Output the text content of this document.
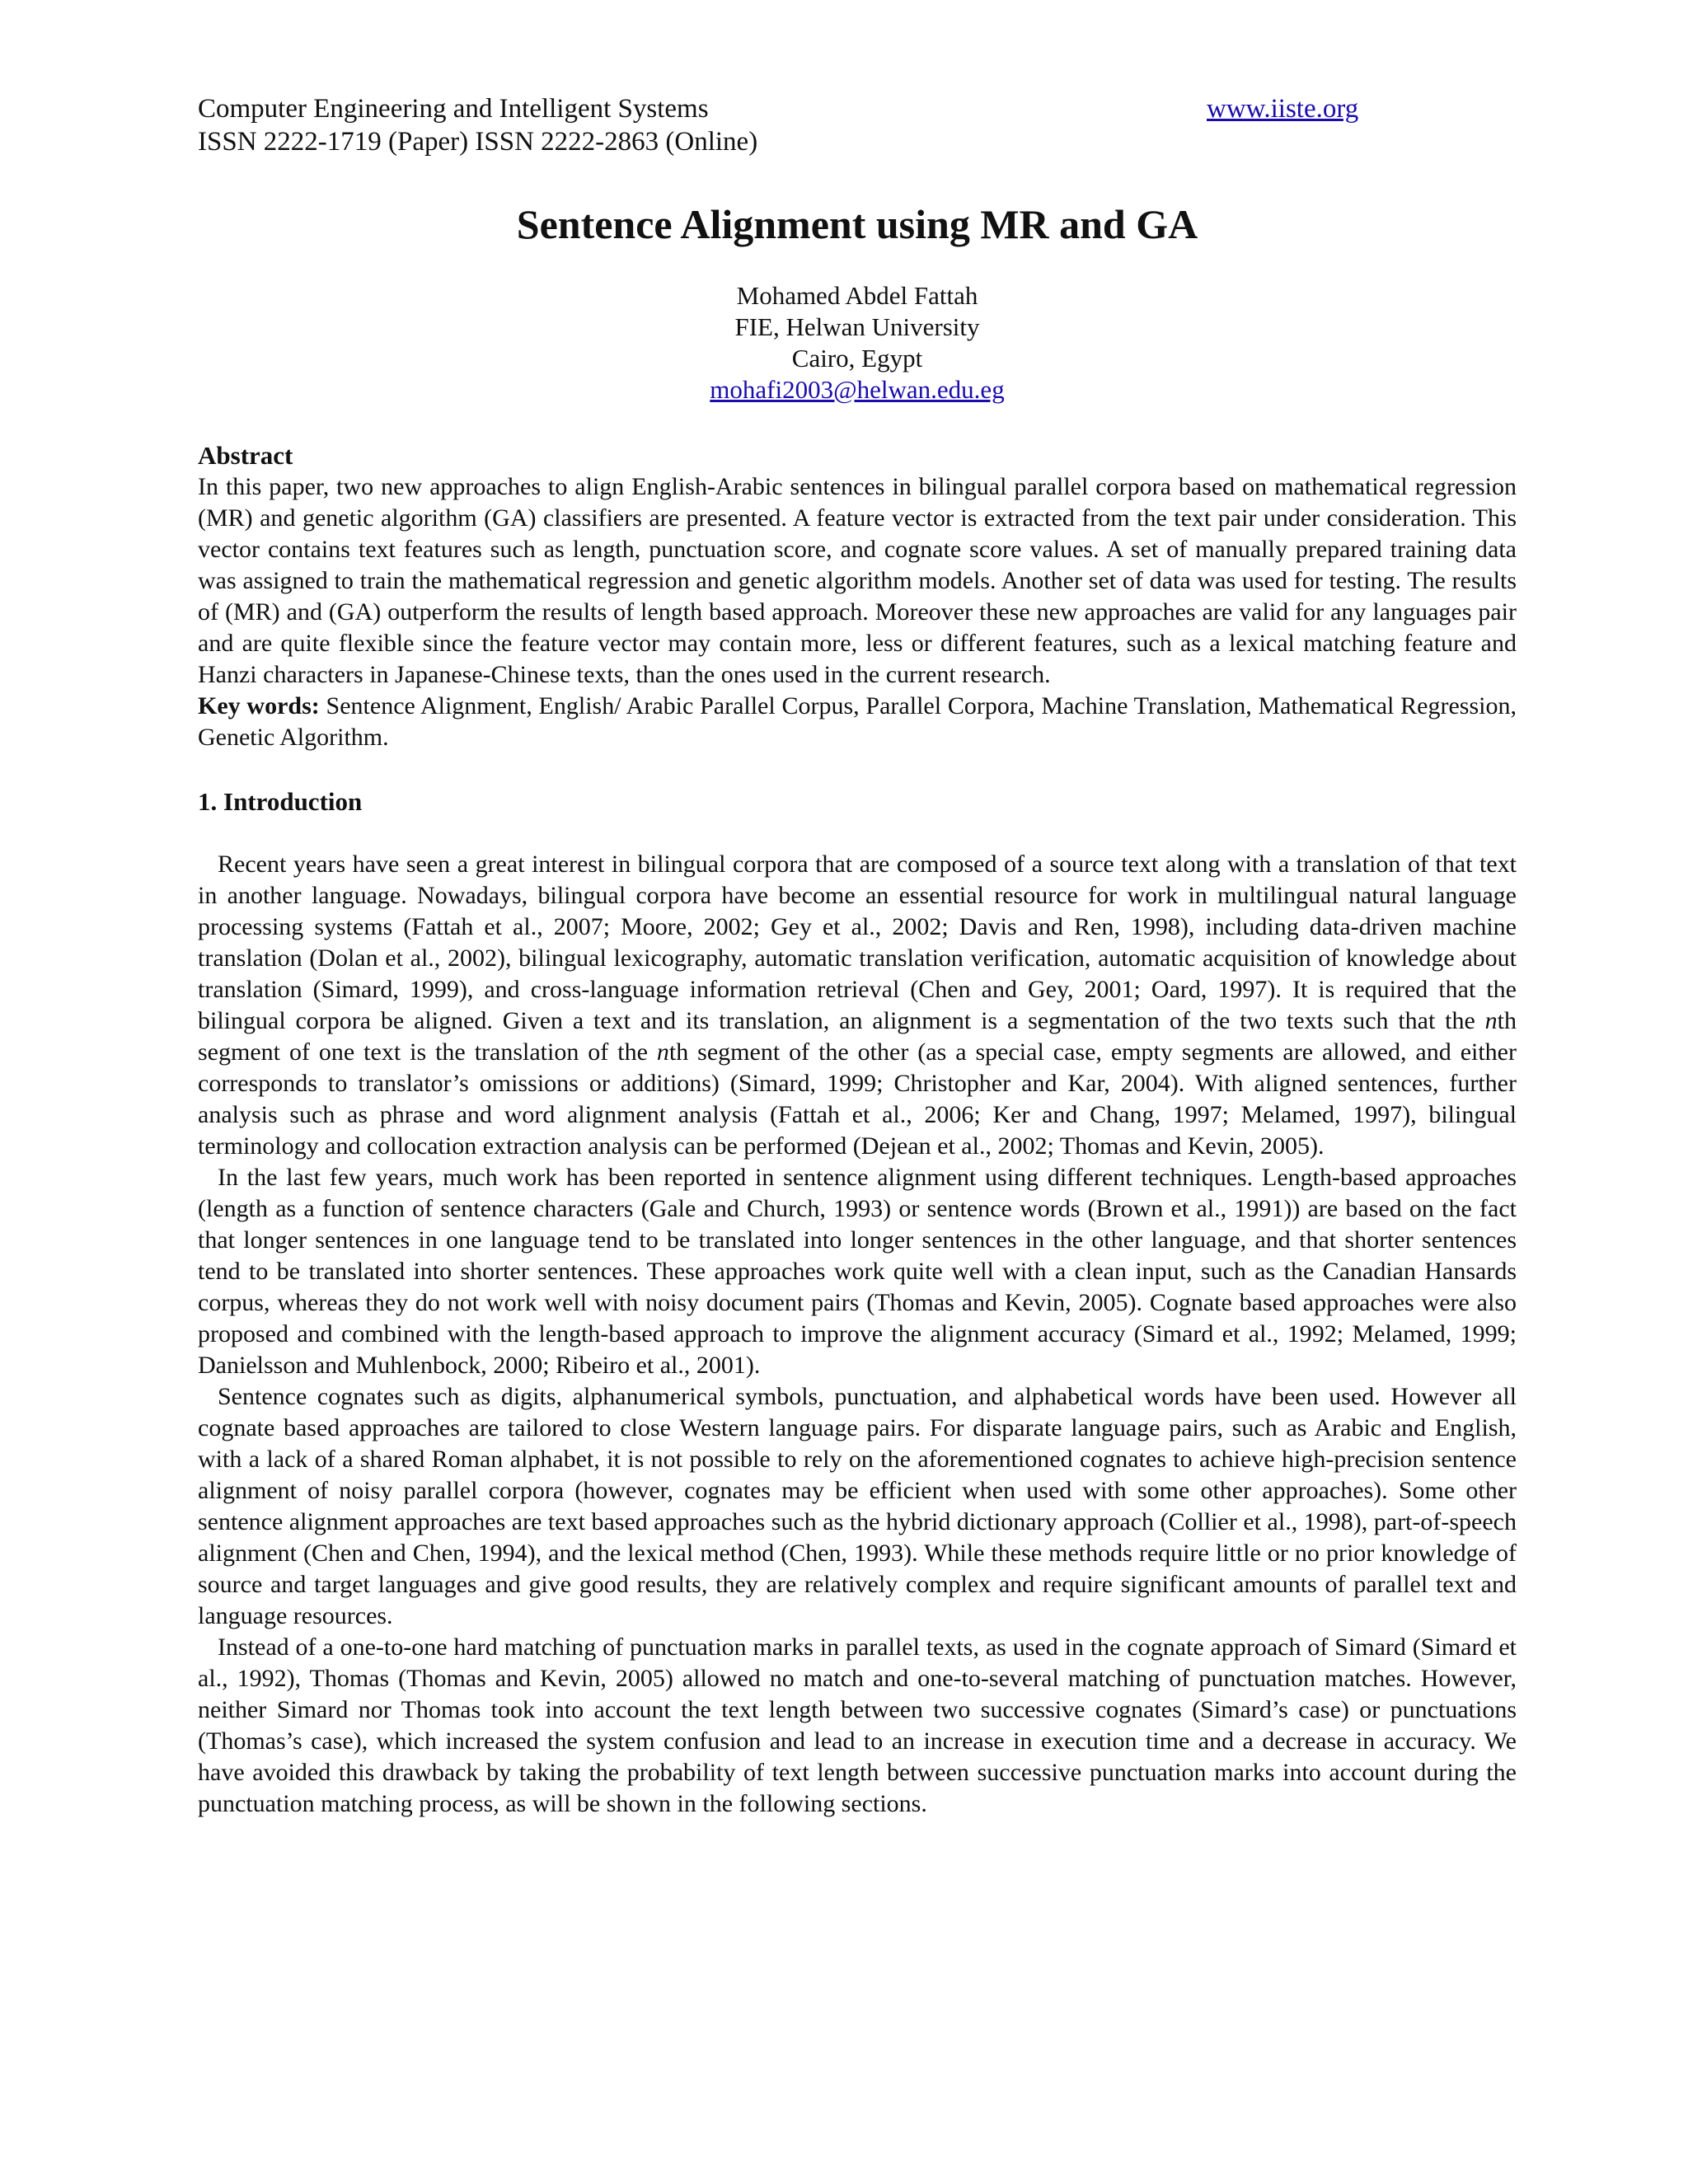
Computer Engineering and Intelligent Systems	www.iiste.org
ISSN 2222-1719 (Paper) ISSN 2222-2863 (Online)
Sentence Alignment using MR and GA
Mohamed Abdel Fattah
FIE, Helwan University
Cairo, Egypt
mohafi2003@helwan.edu.eg
Abstract

In this paper, two new approaches to align English-Arabic sentences in bilingual parallel corpora based on mathematical regression (MR) and genetic algorithm (GA) classifiers are presented. A feature vector is extracted from the text pair under consideration. This vector contains text features such as length, punctuation score, and cognate score values. A set of manually prepared training data was assigned to train the mathematical regression and genetic algorithm models. Another set of data was used for testing. The results of (MR) and (GA) outperform the results of length based approach. Moreover these new approaches are valid for any languages pair and are quite flexible since the feature vector may contain more, less or different features, such as a lexical matching feature and Hanzi characters in Japanese-Chinese texts, than the ones used in the current research.

Key words: Sentence Alignment, English/ Arabic Parallel Corpus, Parallel Corpora, Machine Translation, Mathematical Regression, Genetic Algorithm.

1. Introduction

Recent years have seen a great interest in bilingual corpora that are composed of a source text along with a translation of that text in another language. Nowadays, bilingual corpora have become an essential resource for work in multilingual natural language processing systems (Fattah et al., 2007; Moore, 2002; Gey et al., 2002; Davis and Ren, 1998), including data-driven machine translation (Dolan et al., 2002), bilingual lexicography, automatic translation verification, automatic acquisition of knowledge about translation (Simard, 1999), and cross-language information retrieval (Chen and Gey, 2001; Oard, 1997). It is required that the bilingual corpora be aligned. Given a text and its translation, an alignment is a segmentation of the two texts such that the nth segment of one text is the translation of the nth segment of the other (as a special case, empty segments are allowed, and either corresponds to translator’s omissions or additions) (Simard, 1999; Christopher and Kar, 2004). With aligned sentences, further analysis such as phrase and word alignment analysis (Fattah et al., 2006; Ker and Chang, 1997; Melamed, 1997), bilingual terminology and collocation extraction analysis can be performed (Dejean et al., 2002; Thomas and Kevin, 2005).

In the last few years, much work has been reported in sentence alignment using different techniques. Length-based approaches (length as a function of sentence characters (Gale and Church, 1993) or sentence words (Brown et al., 1991)) are based on the fact that longer sentences in one language tend to be translated into longer sentences in the other language, and that shorter sentences tend to be translated into shorter sentences. These approaches work quite well with a clean input, such as the Canadian Hansards corpus, whereas they do not work well with noisy document pairs (Thomas and Kevin, 2005). Cognate based approaches were also proposed and combined with the length-based approach to improve the alignment accuracy (Simard et al., 1992; Melamed, 1999; Danielsson and Muhlenbock, 2000; Ribeiro et al., 2001).

Sentence cognates such as digits, alphanumerical symbols, punctuation, and alphabetical words have been used. However all cognate based approaches are tailored to close Western language pairs. For disparate language pairs, such as Arabic and English, with a lack of a shared Roman alphabet, it is not possible to rely on the aforementioned cognates to achieve high-precision sentence alignment of noisy parallel corpora (however, cognates may be efficient when used with some other approaches). Some other sentence alignment approaches are text based approaches such as the hybrid dictionary approach (Collier et al., 1998), part-of-speech alignment (Chen and Chen, 1994), and the lexical method (Chen, 1993). While these methods require little or no prior knowledge of source and target languages and give good results, they are relatively complex and require significant amounts of parallel text and language resources.

Instead of a one-to-one hard matching of punctuation marks in parallel texts, as used in the cognate approach of Simard (Simard et al., 1992), Thomas (Thomas and Kevin, 2005) allowed no match and one-to-several matching of punctuation matches. However, neither Simard nor Thomas took into account the text length between two successive cognates (Simard’s case) or punctuations (Thomas’s case), which increased the system confusion and lead to an increase in execution time and a decrease in accuracy. We have avoided this drawback by taking the probability of text length between successive punctuation marks into account during the punctuation matching process, as will be shown in the following sections.
